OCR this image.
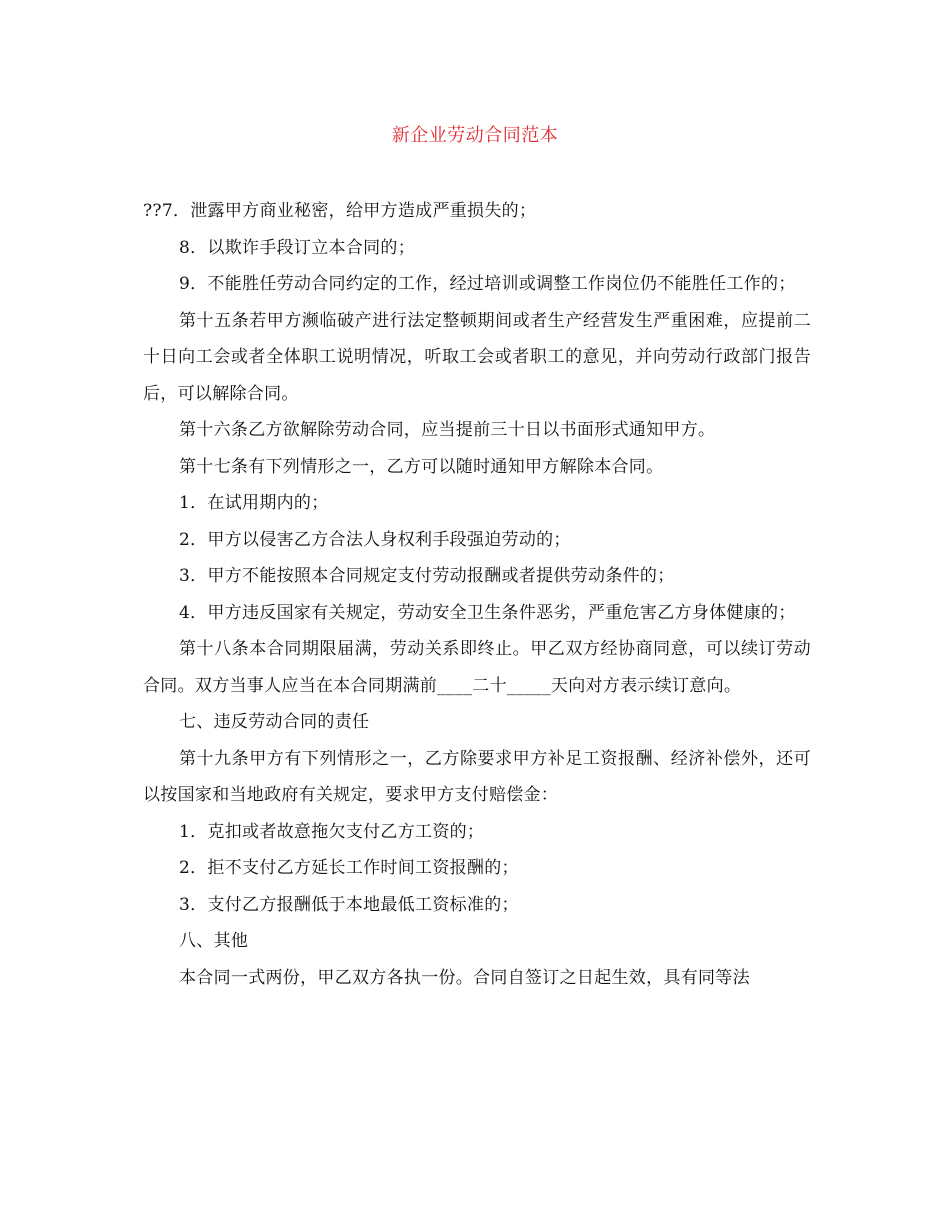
新企业劳动合同范本

??7．泄露甲方商业秘密，给甲方造成严重损失的；

8．以欺诈手段订立本合同的；

9．不能胜任劳动合同约定的工作，经过培训或调整工作岗位仍不能胜任工作的；

第十五条若甲方濒临破产进行法定整顿期间或者生产经营发生严重困难，应提前二十日向工会或者全体职工说明情况，听取工会或者职工的意见，并向劳动行政部门报告后，可以解除合同。

第十六条乙方欲解除劳动合同，应当提前三十日以书面形式通知甲方。

第十七条有下列情形之一，乙方可以随时通知甲方解除本合同。

1．在试用期内的；

2．甲方以侵害乙方合法人身权利手段强迫劳动的；

3．甲方不能按照本合同规定支付劳动报酬或者提供劳动条件的；

4．甲方违反国家有关规定，劳动安全卫生条件恶劣，严重危害乙方身体健康的；

第十八条本合同期限届满，劳动关系即终止。甲乙双方经协商同意，可以续订劳动合同。双方当事人应当在本合同期满前____二十_____天向对方表示续订意向。

七、违反劳动合同的责任

第十九条甲方有下列情形之一，乙方除要求甲方补足工资报酬、经济补偿外，还可以按国家和当地政府有关规定，要求甲方支付赔偿金：

1．克扣或者故意拖欠支付乙方工资的；

2．拒不支付乙方延长工作时间工资报酬的；

3．支付乙方报酬低于本地最低工资标准的；

八、其他

本合同一式两份，甲乙双方各执一份。合同自签订之日起生效，具有同等法
